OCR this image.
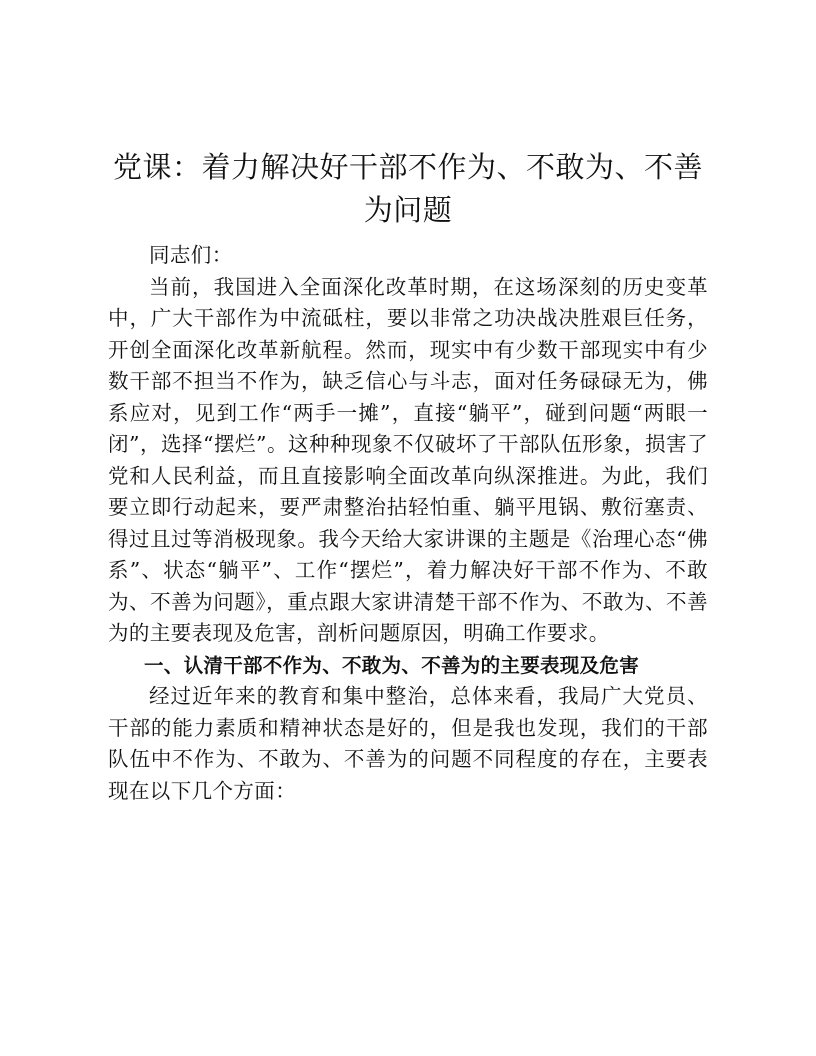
党课：着力解决好干部不作为、不敢为、不善
为问题

同志们：

当前，我国进入全面深化改革时期，在这场深刻的历史变革中，广大干部作为中流砥柱，要以非常之功决战决胜艰巨任务，开创全面深化改革新航程。然而，现实中有少数干部现实中有少数干部不担当不作为，缺乏信心与斗志，面对任务碌碌无为，佛系应对，见到工作“两手一摊”，直接“躺平”，碰到问题“两眼一闭”，选择“摆烂”。这种种现象不仅破坏了干部队伍形象，损害了党和人民利益，而且直接影响全面改革向纵深推进。为此，我们要立即行动起来，要严肃整治拈轻怕重、躺平甩锅、敷衍塞责、得过且过等消极现象。我今天给大家讲课的主题是《治理心态“佛系”、状态“躺平”、工作“摆烂”，着力解决好干部不作为、不敢为、不善为问题》，重点跟大家讲清楚干部不作为、不敢为、不善为的主要表现及危害，剖析问题原因，明确工作要求。

一、认清干部不作为、不敢为、不善为的主要表现及危害

经过近年来的教育和集中整治，总体来看，我局广大党员、干部的能力素质和精神状态是好的，但是我也发现，我们的干部队伍中不作为、不敢为、不善为的问题不同程度的存在，主要表现在以下几个方面：
